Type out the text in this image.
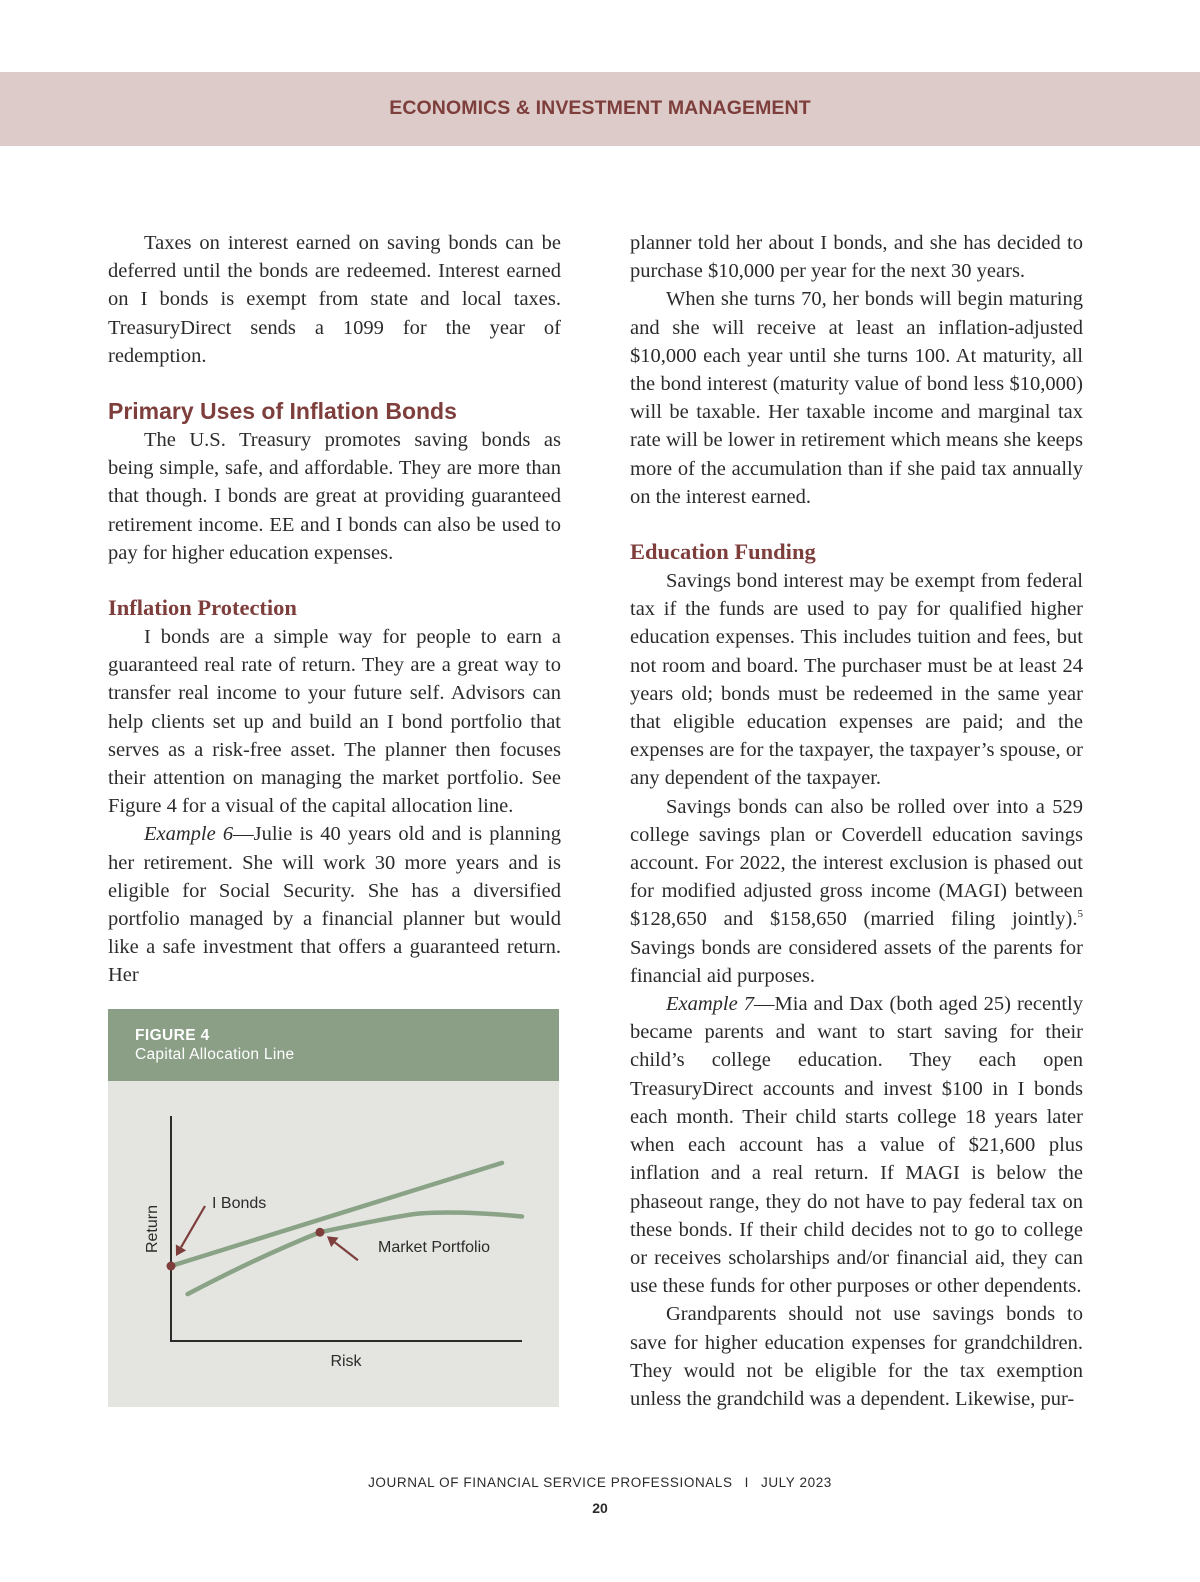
ECONOMICS & INVESTMENT MANAGEMENT

Taxes on interest earned on saving bonds can be deferred until the bonds are redeemed. Interest earned on I bonds is exempt from state and local taxes. TreasuryDirect sends a 1099 for the year of redemption.

Primary Uses of Inflation Bonds

The U.S. Treasury promotes saving bonds as being simple, safe, and affordable. They are more than that though. I bonds are great at providing guaranteed retirement income. EE and I bonds can also be used to pay for higher education expenses.

Inflation Protection

I bonds are a simple way for people to earn a guaranteed real rate of return. They are a great way to transfer real income to your future self. Advisors can help clients set up and build an I bond portfolio that serves as a risk-free asset. The planner then focuses their attention on managing the market portfolio. See Figure 4 for a visual of the capital allocation line.

Example 6—Julie is 40 years old and is planning her retirement. She will work 30 more years and is eligible for Social Security. She has a diversified portfolio managed by a financial planner but would like a safe investment that offers a guaranteed return. Her

FIGURE 4
Capital Allocation Line
I Bonds
Market Portfolio
Return
Risk

planner told her about I bonds, and she has decided to purchase $10,000 per year for the next 30 years.

When she turns 70, her bonds will begin maturing and she will receive at least an inflation-adjusted $10,000 each year until she turns 100. At maturity, all the bond interest (maturity value of bond less $10,000) will be taxable. Her taxable income and marginal tax rate will be lower in retirement which means she keeps more of the accumulation than if she paid tax annually on the interest earned.

Education Funding

Savings bond interest may be exempt from federal tax if the funds are used to pay for qualified higher education expenses. This includes tuition and fees, but not room and board. The purchaser must be at least 24 years old; bonds must be redeemed in the same year that eligible education expenses are paid; and the expenses are for the taxpayer, the taxpayer’s spouse, or any dependent of the taxpayer.

Savings bonds can also be rolled over into a 529 college savings plan or Coverdell education savings account. For 2022, the interest exclusion is phased out for modified adjusted gross income (MAGI) between $128,650 and $158,650 (married filing jointly).$^5$ Savings bonds are considered assets of the parents for financial aid purposes.

Example 7—Mia and Dax (both aged 25) recently became parents and want to start saving for their child’s college education. They each open TreasuryDirect accounts and invest $100 in I bonds each month. Their child starts college 18 years later when each account has a value of $21,600 plus inflation and a real return. If MAGI is below the phaseout range, they do not have to pay federal tax on these bonds. If their child decides not to go to college or receives scholarships and/or financial aid, they can use these funds for other purposes or other dependents.

Grandparents should not use savings bonds to save for higher education expenses for grandchildren. They would not be eligible for the tax exemption unless the grandchild was a dependent. Likewise, pur-

JOURNAL OF FINANCIAL SERVICE PROFESSIONALS I JULY 2023
20
